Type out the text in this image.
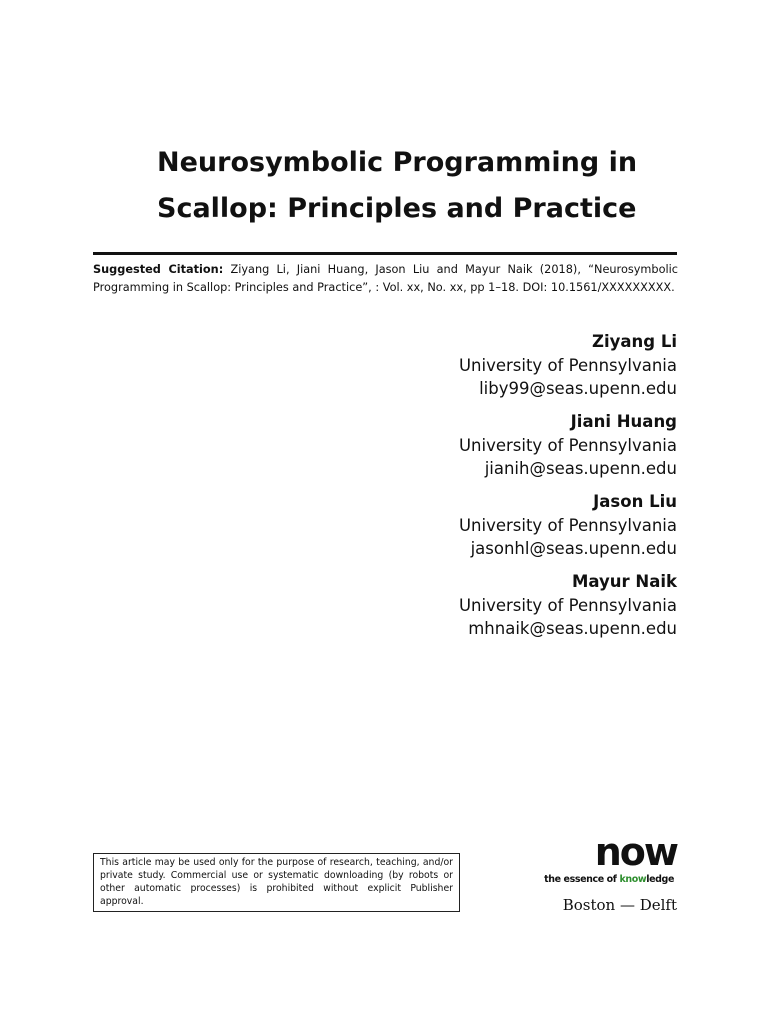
Neurosymbolic Programming in
Scallop: Principles and Practice
Suggested Citation: Ziyang Li, Jiani Huang, Jason Liu and Mayur Naik (2018), “Neurosymbolic Programming in Scallop: Principles and Practice”, : Vol. xx, No. xx, pp 1–18. DOI: 10.1561/XXXXXXXXX.
Ziyang Li
University of Pennsylvania
liby99@seas.upenn.edu
Jiani Huang
University of Pennsylvania
jianih@seas.upenn.edu
Jason Liu
University of Pennsylvania
jasonhl@seas.upenn.edu
Mayur Naik
University of Pennsylvania
mhnaik@seas.upenn.edu
This article may be used only for the purpose of research, teaching, and/or private study. Commercial use or systematic downloading (by robots or other automatic processes) is prohibited without explicit Publisher approval.
now
the essence of knowledge
Boston — Delft
